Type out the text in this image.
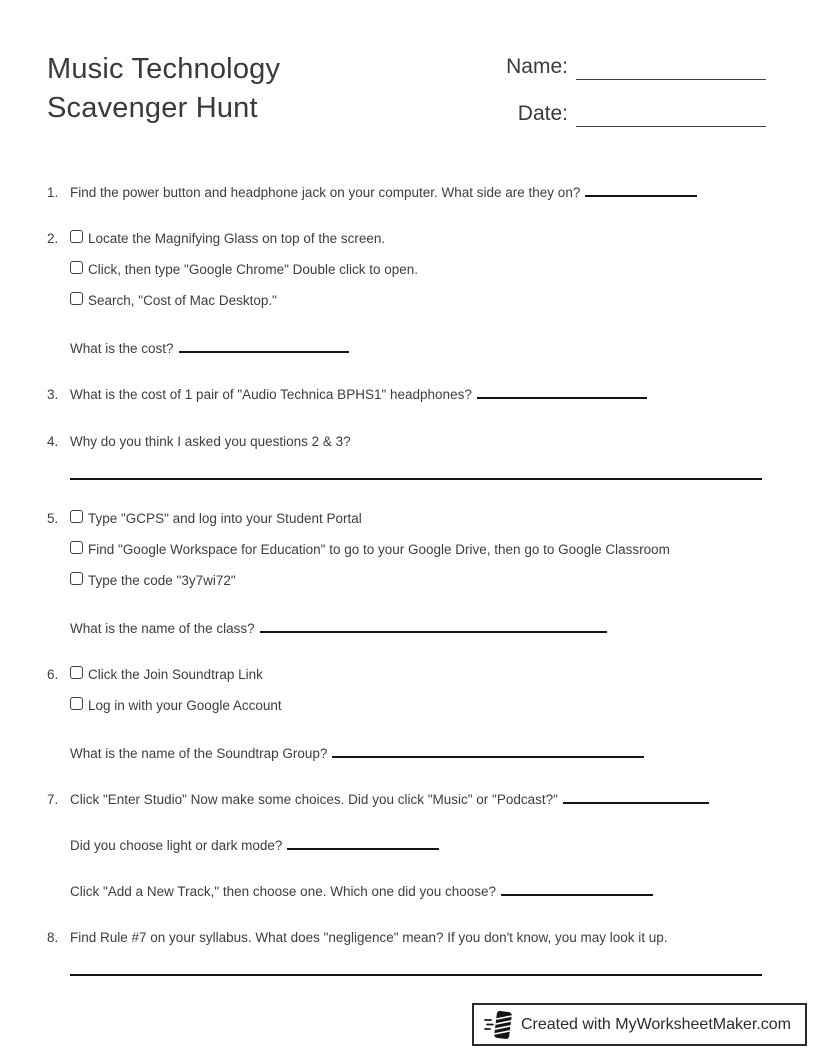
Music Technology
Scavenger Hunt
Name:
Date:
1. Find the power button and headphone jack on your computer. What side are they on?
2.	Locate the Magnifying Glass on top of the screen.
Click, then type "Google Chrome" Double click to open.
Search, "Cost of Mac Desktop."
What is the cost?
3. What is the cost of 1 pair of "Audio Technica BPHS1" headphones?
4. Why do you think I asked you questions 2 & 3?
5.	Type "GCPS" and log into your Student Portal
Find "Google Workspace for Education" to go to your Google Drive, then go to Google Classroom
Type the code "3y7wi72"
What is the name of the class?
6.	Click the Join Soundtrap Link
Log in with your Google Account
What is the name of the Soundtrap Group?
7. Click "Enter Studio" Now make some choices. Did you click "Music" or "Podcast?"
Did you choose light or dark mode?
Click "Add a New Track," then choose one. Which one did you choose?
8. Find Rule #7 on your syllabus. What does "negligence" mean? If you don't know, you may look it up.
Created with MyWorksheetMaker.com
